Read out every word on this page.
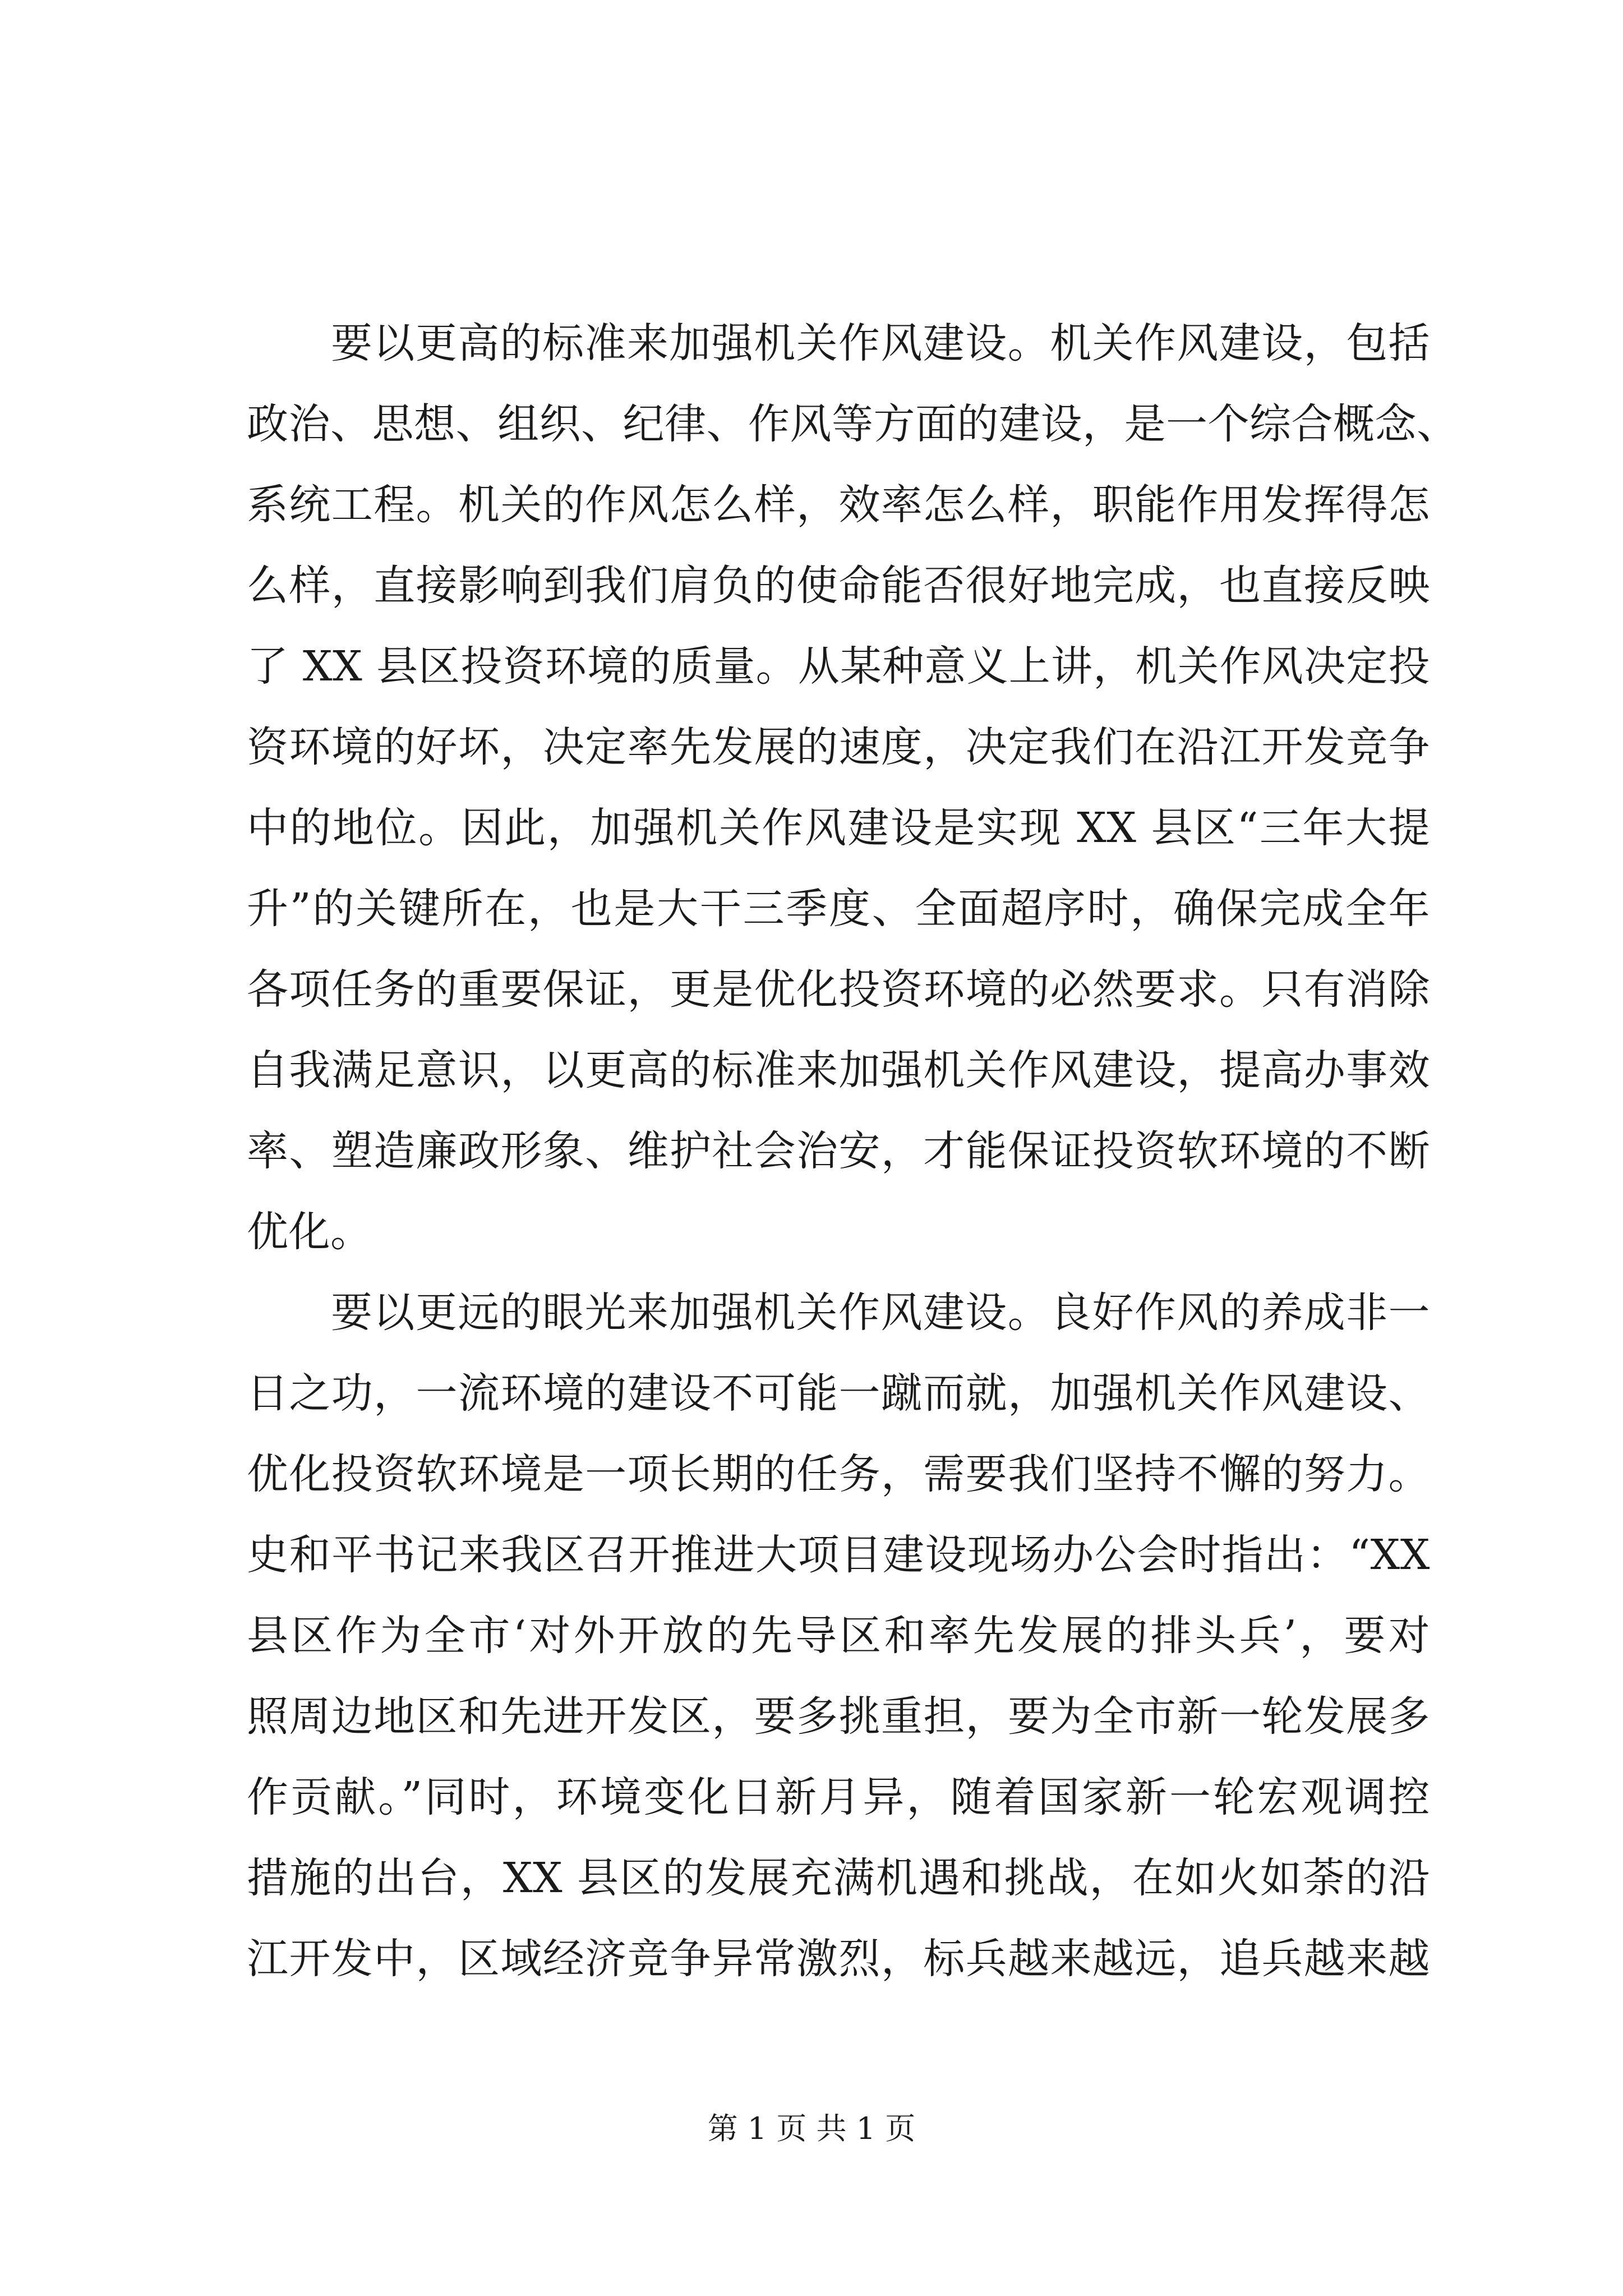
要以更高的标准来加强机关作风建设。机关作风建设，包括
政治、思想、组织、纪律、作风等方面的建设，是一个综合概念、
系统工程。机关的作风怎么样，效率怎么样，职能作用发挥得怎
么样，直接影响到我们肩负的使命能否很好地完成，也直接反映
了 XX 县区投资环境的质量。从某种意义上讲，机关作风决定投
资环境的好坏，决定率先发展的速度，决定我们在沿江开发竞争
中的地位。因此，加强机关作风建设是实现 XX 县区“三年大提
升”的关键所在，也是大干三季度、全面超序时，确保完成全年
各项任务的重要保证，更是优化投资环境的必然要求。只有消除
自我满足意识，以更高的标准来加强机关作风建设，提高办事效
率、塑造廉政形象、维护社会治安，才能保证投资软环境的不断
优化。
要以更远的眼光来加强机关作风建设。良好作风的养成非一
日之功，一流环境的建设不可能一蹴而就，加强机关作风建设、
优化投资软环境是一项长期的任务，需要我们坚持不懈的努力。
史和平书记来我区召开推进大项目建设现场办公会时指出：“XX
县区作为全市‘对外开放的先导区和率先发展的排头兵’，要对
照周边地区和先进开发区，要多挑重担，要为全市新一轮发展多
作贡献。”同时，环境变化日新月异，随着国家新一轮宏观调控
措施的出台，XX 县区的发展充满机遇和挑战，在如火如荼的沿
江开发中，区域经济竞争异常激烈，标兵越来越远，追兵越来越
第 1 页 共 1 页
